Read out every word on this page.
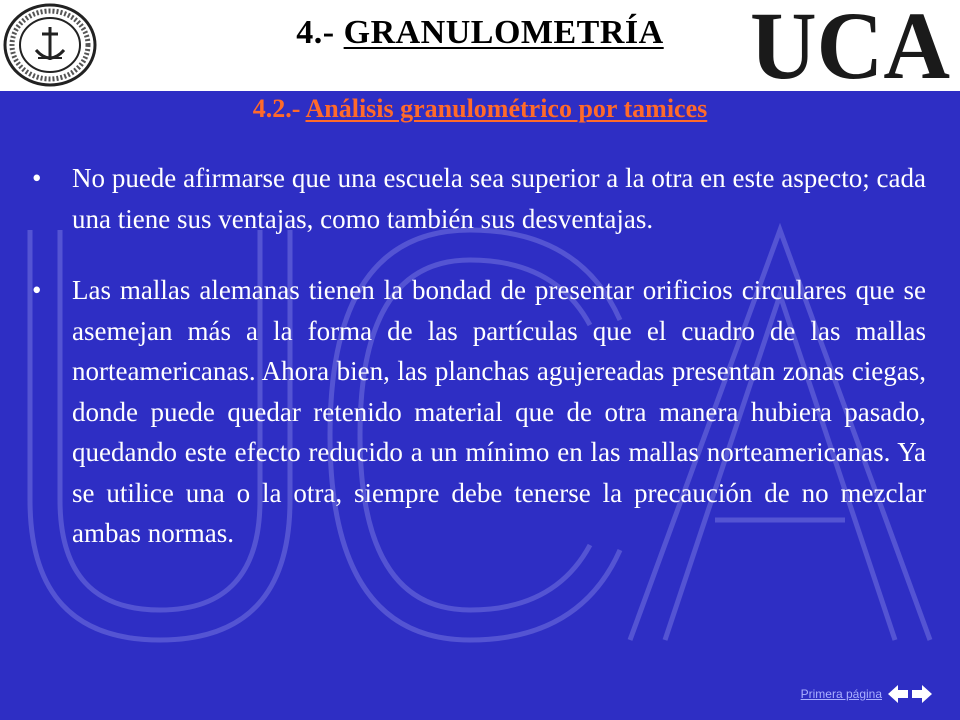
4.- GRANULOMETRÍA UCA
4.2.- Análisis granulométrico por tamices
• No puede afirmarse que una escuela sea superior a la otra en este aspecto; cada una tiene sus ventajas, como también sus desventajas.
• Las mallas alemanas tienen la bondad de presentar orificios circulares que se asemejan más a la forma de las partículas que el cuadro de las mallas norteamericanas. Ahora bien, las planchas agujereadas presentan zonas ciegas, donde puede quedar retenido material que de otra manera hubiera pasado, quedando este efecto reducido a un mínimo en las mallas norteamericanas. Ya se utilice una o la otra, siempre debe tenerse la precaución de no mezclar ambas normas.
Primera página
